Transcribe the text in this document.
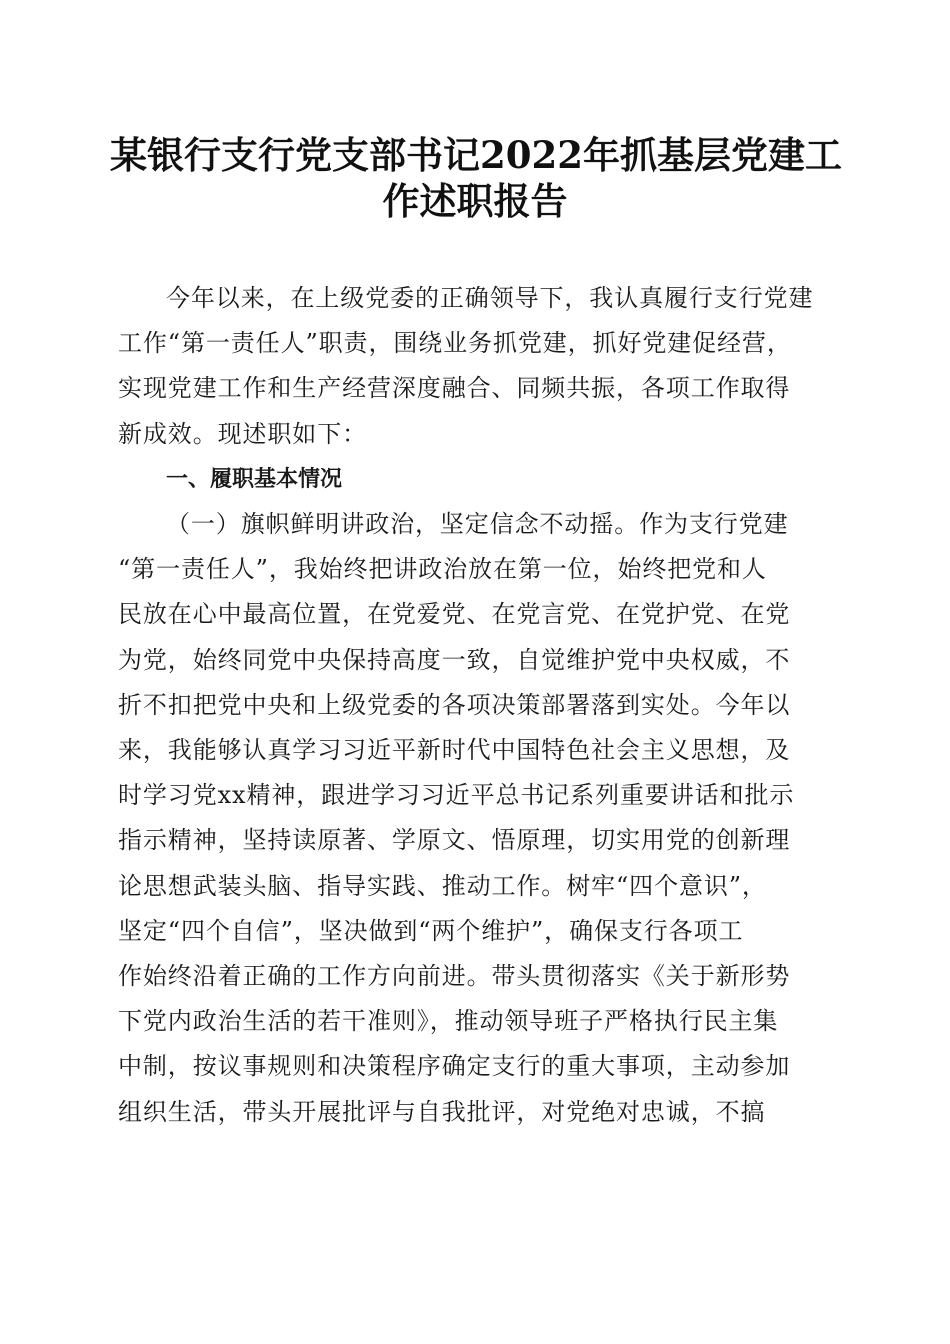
某银行支行党支部书记2022年抓基层党建工
作述职报告
今年以来，在上级党委的正确领导下，我认真履行支行党建
工作“第一责任人”职责，围绕业务抓党建，抓好党建促经营，
实现党建工作和生产经营深度融合、同频共振，各项工作取得
新成效。现述职如下：

一、履职基本情况

（一）旗帜鲜明讲政治，坚定信念不动摇。作为支行党建
“第一责任人”，我始终把讲政治放在第一位，始终把党和人
民放在心中最高位置，在党爱党、在党言党、在党护党、在党
为党，始终同党中央保持高度一致，自觉维护党中央权威，不
折不扣把党中央和上级党委的各项决策部署落到实处。今年以
来，我能够认真学习习近平新时代中国特色社会主义思想，及
时学习党xx精神，跟进学习习近平总书记系列重要讲话和批示
指示精神，坚持读原著、学原文、悟原理，切实用党的创新理
论思想武装头脑、指导实践、推动工作。树牢“四个意识”，
坚定“四个自信”，坚决做到“两个维护”，确保支行各项工
作始终沿着正确的工作方向前进。带头贯彻落实《关于新形势
下党内政治生活的若干准则》，推动领导班子严格执行民主集
中制，按议事规则和决策程序确定支行的重大事项，主动参加
组织生活，带头开展批评与自我批评，对党绝对忠诚，不搞
